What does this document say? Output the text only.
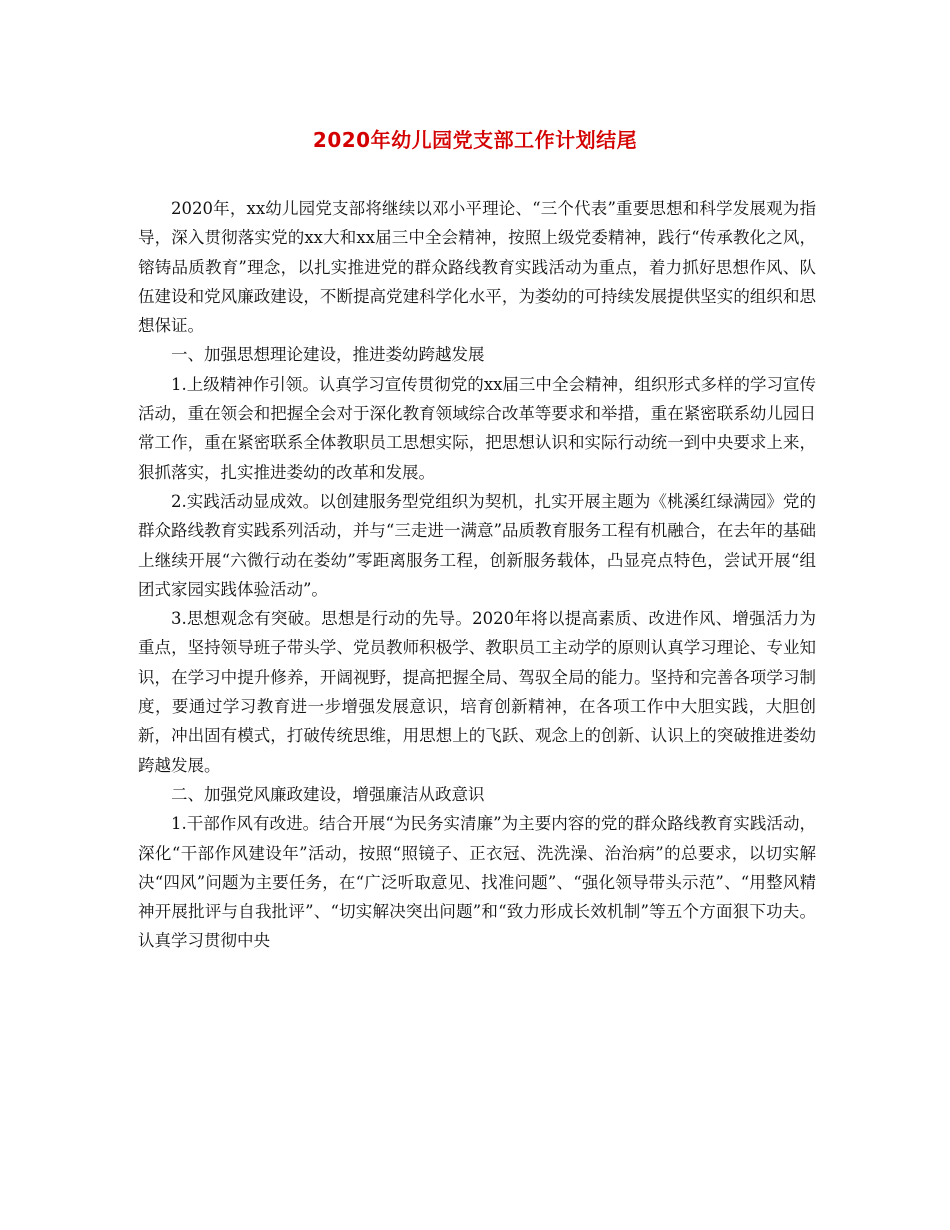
2020年幼儿园党支部工作计划结尾

2020年，xx幼儿园党支部将继续以邓小平理论、“三个代表”重要思想和科学发展观为指导，深入贯彻落实党的xx大和xx届三中全会精神，按照上级党委精神，践行“传承教化之风，镕铸品质教育”理念，以扎实推进党的群众路线教育实践活动为重点，着力抓好思想作风、队伍建设和党风廉政建设，不断提高党建科学化水平，为娄幼的可持续发展提供坚实的组织和思想保证。

一、加强思想理论建设，推进娄幼跨越发展

1.上级精神作引领。认真学习宣传贯彻党的xx届三中全会精神，组织形式多样的学习宣传活动，重在领会和把握全会对于深化教育领域综合改革等要求和举措，重在紧密联系幼儿园日常工作，重在紧密联系全体教职员工思想实际，把思想认识和实际行动统一到中央要求上来，狠抓落实，扎实推进娄幼的改革和发展。

2.实践活动显成效。以创建服务型党组织为契机，扎实开展主题为《桃溪红绿满园》党的群众路线教育实践系列活动，并与“三走进一满意”品质教育服务工程有机融合，在去年的基础上继续开展“六微行动在娄幼”零距离服务工程，创新服务载体，凸显亮点特色，尝试开展“组团式家园实践体验活动”。

3.思想观念有突破。思想是行动的先导。2020年将以提高素质、改进作风、增强活力为重点，坚持领导班子带头学、党员教师积极学、教职员工主动学的原则认真学习理论、专业知识，在学习中提升修养，开阔视野，提高把握全局、驾驭全局的能力。坚持和完善各项学习制度，要通过学习教育进一步增强发展意识，培育创新精神，在各项工作中大胆实践，大胆创新，冲出固有模式，打破传统思维，用思想上的飞跃、观念上的创新、认识上的突破推进娄幼跨越发展。

二、加强党风廉政建设，增强廉洁从政意识

1.干部作风有改进。结合开展“为民务实清廉”为主要内容的党的群众路线教育实践活动，深化“干部作风建设年”活动，按照“照镜子、正衣冠、洗洗澡、治治病”的总要求，以切实解决“四风”问题为主要任务，在“广泛听取意见、找准问题”、“强化领导带头示范”、“用整风精神开展批评与自我批评”、“切实解决突出问题”和“致力形成长效机制”等五个方面狠下功夫。认真学习贯彻中央
